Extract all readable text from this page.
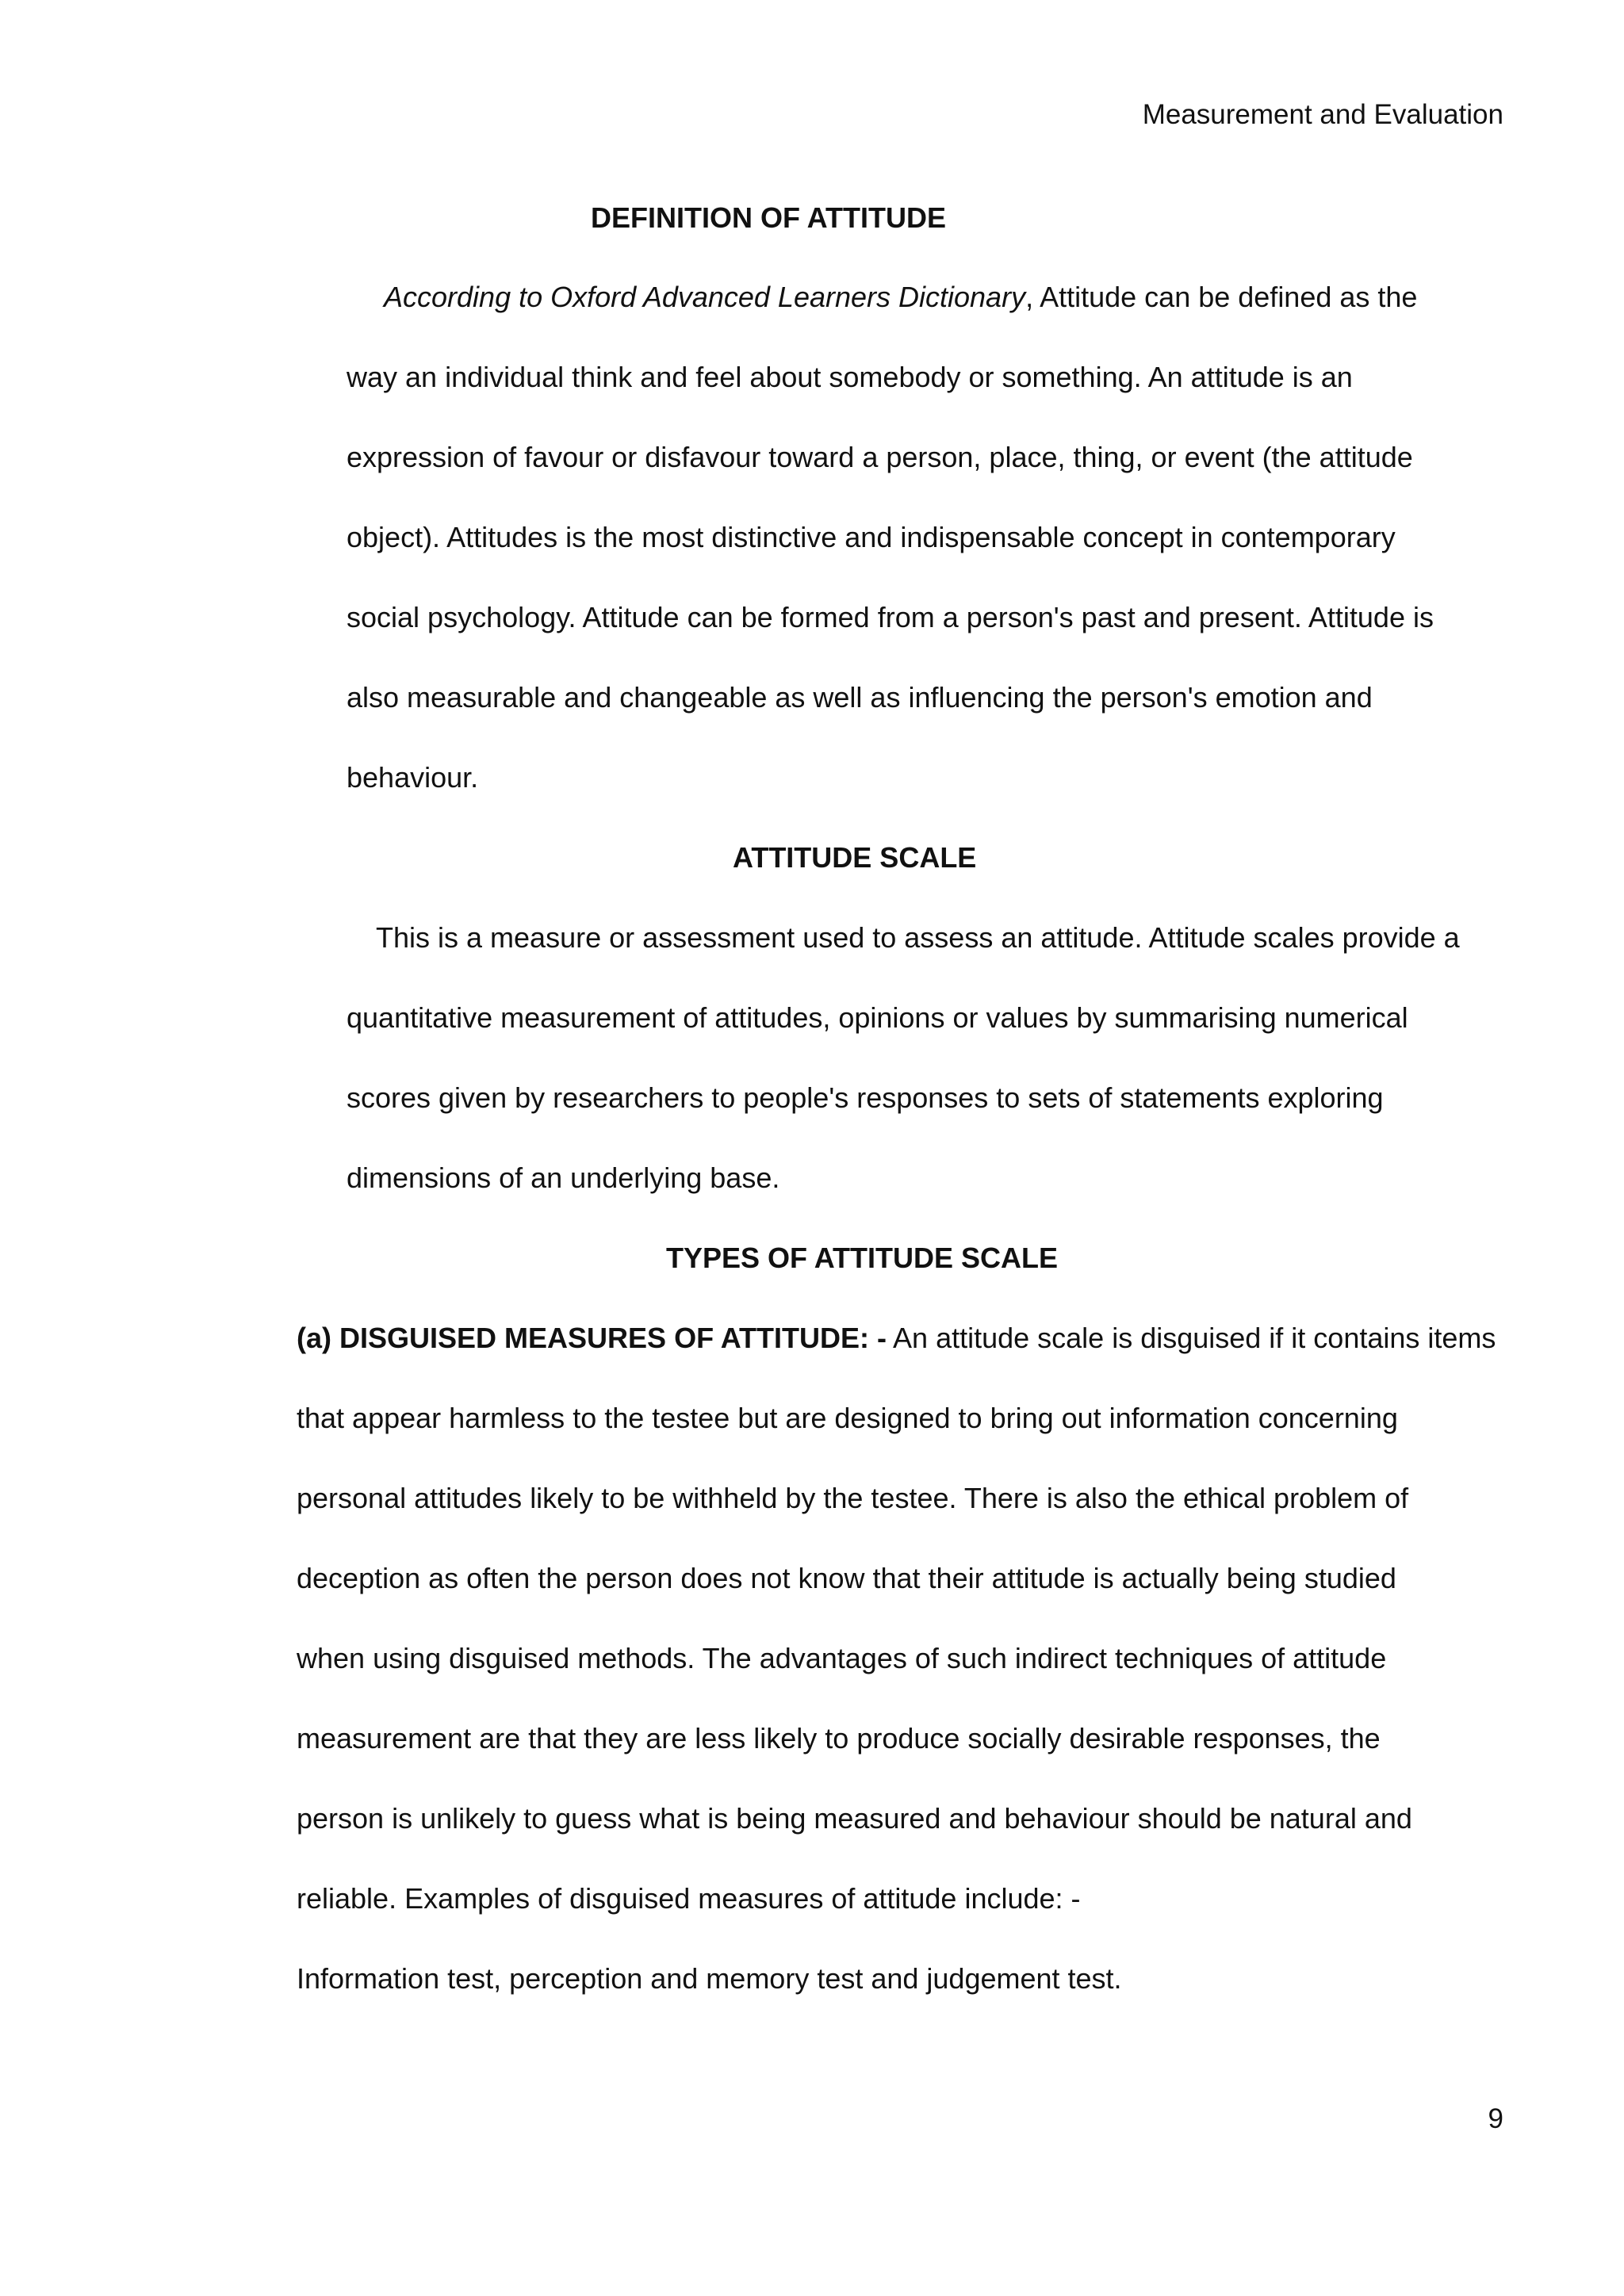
Measurement and Evaluation
DEFINITION OF ATTITUDE
According to Oxford Advanced Learners Dictionary, Attitude can be defined as the
way an individual think and feel about somebody or something. An attitude is an
expression of favour or disfavour toward a person, place, thing, or event (the attitude
object). Attitudes is the most distinctive and indispensable concept in contemporary
social psychology. Attitude can be formed from a person's past and present. Attitude is
also measurable and changeable as well as influencing the person's emotion and
behaviour.
ATTITUDE SCALE
This is a measure or assessment used to assess an attitude. Attitude scales provide a
quantitative measurement of attitudes, opinions or values by summarising numerical
scores given by researchers to people's responses to sets of statements exploring
dimensions of an underlying base.
TYPES OF ATTITUDE SCALE
(a) DISGUISED MEASURES OF ATTITUDE: - An attitude scale is disguised if it contains items
that appear harmless to the testee but are designed to bring out information concerning
personal attitudes likely to be withheld by the testee. There is also the ethical problem of
deception as often the person does not know that their attitude is actually being studied
when using disguised methods. The advantages of such indirect techniques of attitude
measurement are that they are less likely to produce socially desirable responses, the
person is unlikely to guess what is being measured and behaviour should be natural and
reliable. Examples of disguised measures of attitude include: -
Information test, perception and memory test and judgement test.
9
